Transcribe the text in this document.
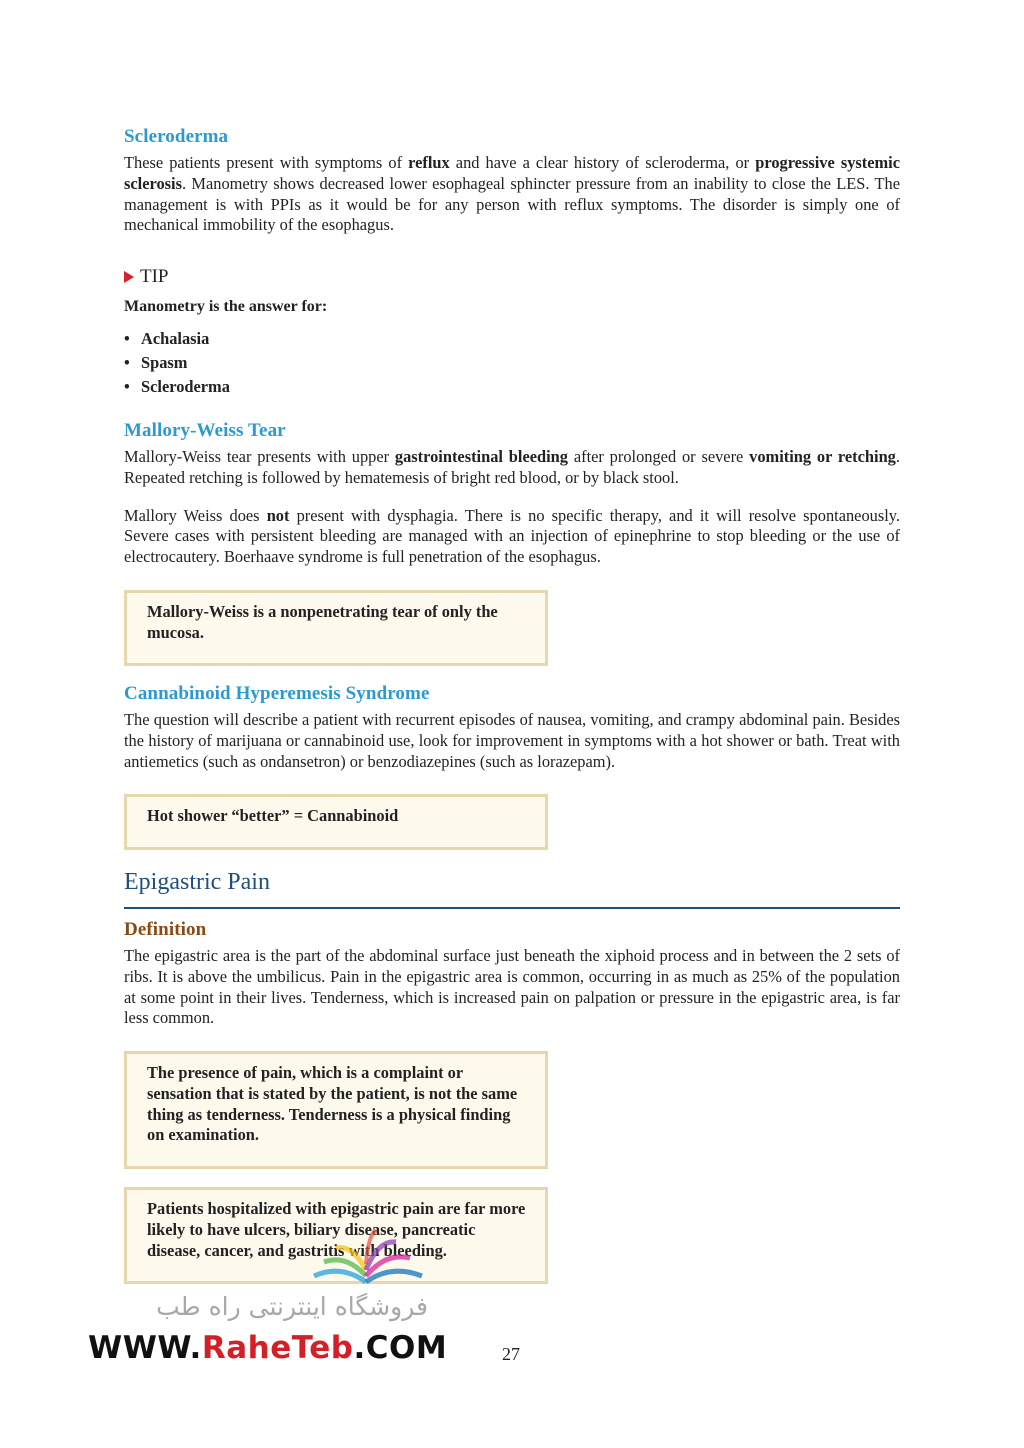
Scleroderma

These patients present with symptoms of reflux and have a clear history of scleroderma, or progressive systemic sclerosis. Manometry shows decreased lower esophageal sphincter pressure from an inability to close the LES. The management is with PPIs as it would be for any person with reflux symptoms. The disorder is simply one of mechanical immobility of the esophagus.

TIP
Manometry is the answer for:
• Achalasia
• Spasm
• Scleroderma
Mallory-Weiss Tear

Mallory-Weiss tear presents with upper gastrointestinal bleeding after prolonged or severe vomiting or retching. Repeated retching is followed by hematemesis of bright red blood, or by black stool.

Mallory Weiss does not present with dysphagia. There is no specific therapy, and it will resolve spontaneously. Severe cases with persistent bleeding are managed with an injection of epinephrine to stop bleeding or the use of electrocautery. Boerhaave syndrome is full penetration of the esophagus.

Mallory-Weiss is a nonpenetrating tear of only the mucosa.

Cannabinoid Hyperemesis Syndrome

The question will describe a patient with recurrent episodes of nausea, vomiting, and crampy abdominal pain. Besides the history of marijuana or cannabinoid use, look for improvement in symptoms with a hot shower or bath. Treat with antiemetics (such as ondansetron) or benzodiazepines (such as lorazepam).

Hot shower “better” = Cannabinoid

Epigastric Pain
Definition

The epigastric area is the part of the abdominal surface just beneath the xiphoid process and in between the 2 sets of ribs. It is above the umbilicus. Pain in the epigastric area is common, occurring in as much as 25% of the population at some point in their lives. Tenderness, which is increased pain on palpation or pressure in the epigastric area, is far less common.

The presence of pain, which is a complaint or sensation that is stated by the patient, is not the same thing as tenderness. Tenderness is a physical finding on examination.

Patients hospitalized with epigastric pain are far more likely to have ulcers, biliary disease, pancreatic disease, cancer, and gastritis with bleeding.

فروشگاه اینترنتی راه طب
WWW.RaheTeb.COM	27
